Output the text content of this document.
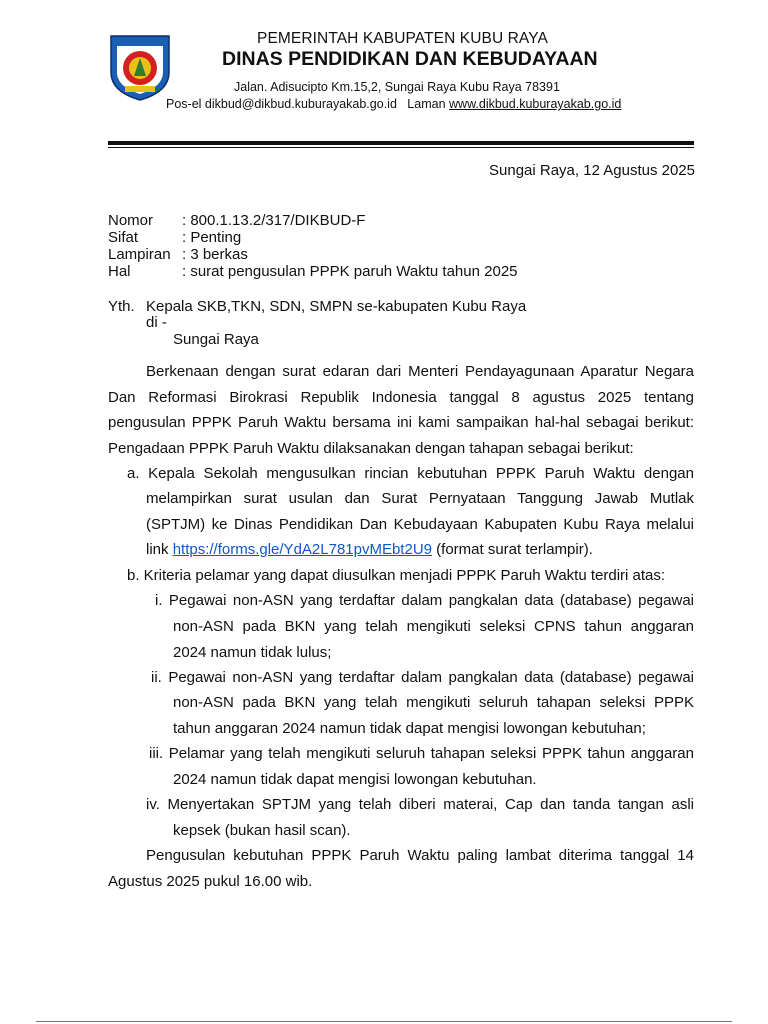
PEMERINTAH KABUPATEN KUBU RAYA
DINAS PENDIDIKAN DAN KEBUDAYAAN
Jalan. Adisucipto Km.15,2, Sungai Raya Kubu Raya 78391
Pos-el dikbud@dikbud.kuburayakab.go.id   Laman www.dikbud.kuburayakab.go.id
Sungai Raya, 12 Agustus 2025
Nomor	: 800.1.13.2/317/DIKBUD-F
Sifat	: Penting
Lampiran : 3 berkas
Hal	: surat pengusulan PPPK paruh Waktu tahun 2025
Yth. Kepala SKB,TKN, SDN, SMPN se-kabupaten Kubu Raya
di -
Sungai Raya
Berkenaan dengan surat edaran dari Menteri Pendayagunaan Aparatur Negara
Dan Reformasi Birokrasi Republik Indonesia tanggal 8 agustus 2025 tentang
pengusulan PPPK Paruh Waktu bersama ini kami sampaikan hal-hal sebagai berikut:
Pengadaan PPPK Paruh Waktu dilaksanakan dengan tahapan sebagai berikut:
a. Kepala Sekolah mengusulkan rincian kebutuhan PPPK Paruh Waktu dengan
melampirkan surat usulan dan Surat Pernyataan Tanggung Jawab Mutlak
(SPTJM) ke Dinas Pendidikan Dan Kebudayaan Kabupaten Kubu Raya melalui
link https://forms.gle/YdA2L781pvMEbt2U9 (format surat terlampir).
b. Kriteria pelamar yang dapat diusulkan menjadi PPPK Paruh Waktu terdiri atas:
i. Pegawai non-ASN yang terdaftar dalam pangkalan data (database) pegawai
non-ASN pada BKN yang telah mengikuti seleksi CPNS tahun anggaran
2024 namun tidak lulus;
ii. Pegawai non-ASN yang terdaftar dalam pangkalan data (database) pegawai
non-ASN pada BKN yang telah mengikuti seluruh tahapan seleksi PPPK
tahun anggaran 2024 namun tidak dapat mengisi lowongan kebutuhan;
iii. Pelamar yang telah mengikuti seluruh tahapan seleksi PPPK tahun anggaran
2024 namun tidak dapat mengisi lowongan kebutuhan.
iv. Menyertakan SPTJM yang telah diberi materai, Cap dan tanda tangan asli
kepsek (bukan hasil scan).
Pengusulan kebutuhan PPPK Paruh Waktu paling lambat diterima tanggal 14
Agustus 2025 pukul 16.00 wib.
